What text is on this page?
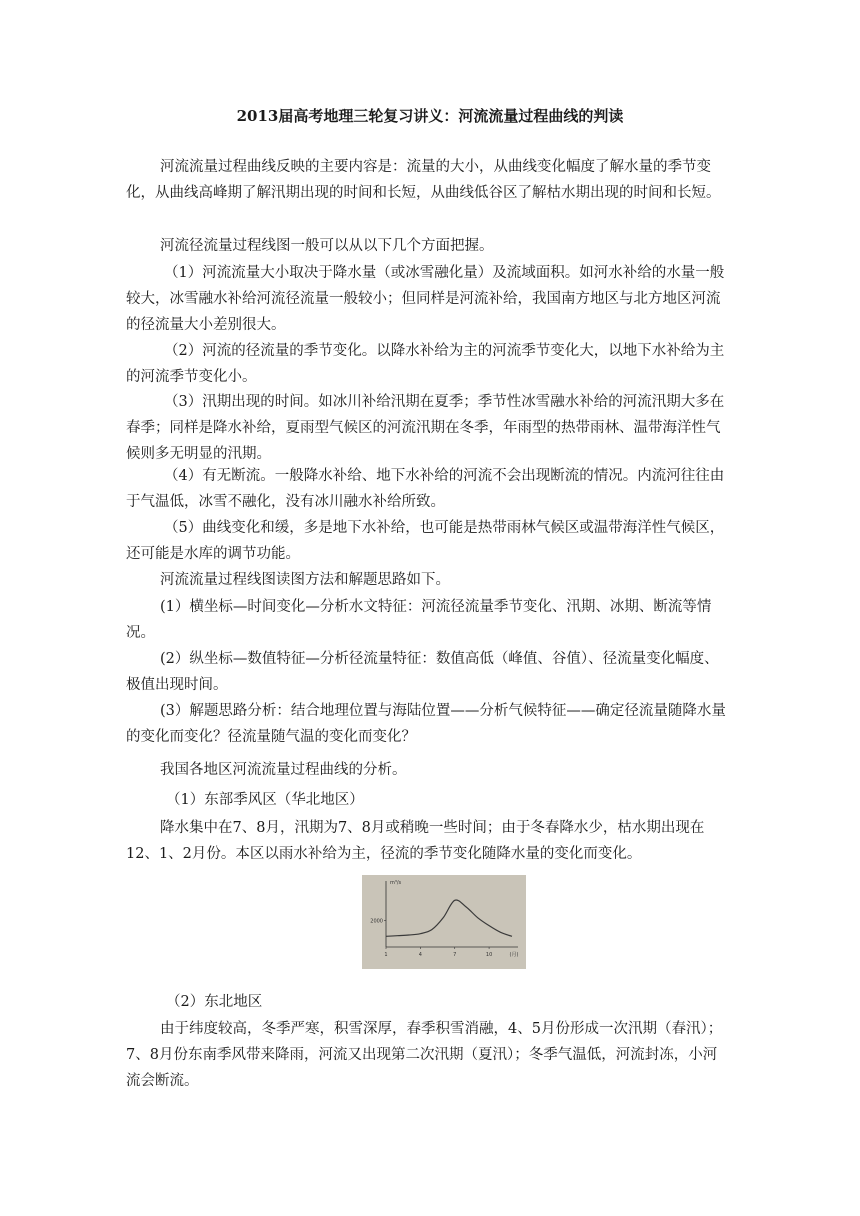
2013届高考地理三轮复习讲义：河流流量过程曲线的判读

河流流量过程曲线反映的主要内容是：流量的大小，从曲线变化幅度了解水量的季节变化，从曲线高峰期了解汛期出现的时间和长短，从曲线低谷区了解枯水期出现的时间和长短。

河流径流量过程线图一般可以从以下几个方面把握。

（1）河流流量大小取决于降水量（或冰雪融化量）及流域面积。如河水补给的水量一般较大，冰雪融水补给河流径流量一般较小；但同样是河流补给，我国南方地区与北方地区河流的径流量大小差别很大。

（2）河流的径流量的季节变化。以降水补给为主的河流季节变化大，以地下水补给为主的河流季节变化小。

（3）汛期出现的时间。如冰川补给汛期在夏季；季节性冰雪融水补给的河流汛期大多在春季；同样是降水补给，夏雨型气候区的河流汛期在冬季，年雨型的热带雨林、温带海洋性气候则多无明显的汛期。

（4）有无断流。一般降水补给、地下水补给的河流不会出现断流的情况。内流河往往由于气温低，冰雪不融化，没有冰川融水补给所致。

（5）曲线变化和缓，多是地下水补给，也可能是热带雨林气候区或温带海洋性气候区，还可能是水库的调节功能。

河流流量过程线图读图方法和解题思路如下。

(1）横坐标—时间变化—分析水文特征：河流径流量季节变化、汛期、冰期、断流等情况。

(2）纵坐标—数值特征—分析径流量特征：数值高低（峰值、谷值）、径流量变化幅度、极值出现时间。

(3）解题思路分析：结合地理位置与海陆位置——分析气候特征——确定径流量随降水量的变化而变化？径流量随气温的变化而变化？

我国各地区河流流量过程曲线的分析。

（1）东部季风区（华北地区）

降水集中在7、8月，汛期为7、8月或稍晚一些时间；由于冬春降水少，枯水期出现在12、1、2月份。本区以雨水补给为主，径流的季节变化随降水量的变化而变化。

m³/s
2000
1	4	7	10	(月)

（2）东北地区

由于纬度较高，冬季严寒，积雪深厚，春季积雪消融，4、5月份形成一次汛期（春汛）；7、8月份东南季风带来降雨，河流又出现第二次汛期（夏汛）；冬季气温低，河流封冻，小河流会断流。
